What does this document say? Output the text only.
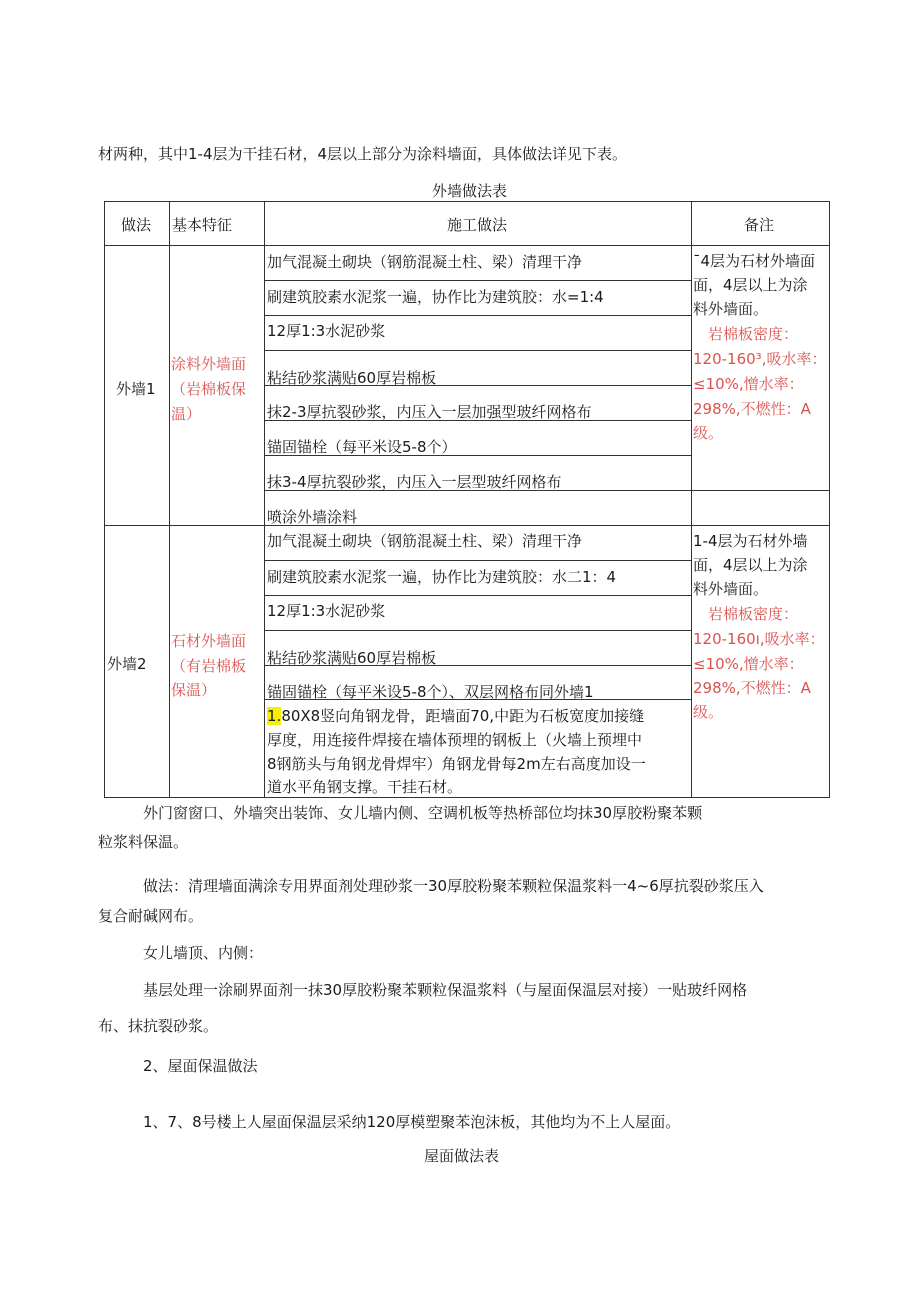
材两种，其中1-4层为干挂石材，4层以上部分为涂料墙面，具体做法详见下表。
外墙做法表
做法 基本特征	施工做法	备注
外墙1
涂料外墙面
（岩棉板保
温）
加气混凝土砌块（钢筋混凝土柱、梁）清理干净
刷建筑胶素水泥浆一遍，协作比为建筑胶：水=1:4
12厚1:3水泥砂浆
粘结砂浆满贴60厚岩棉板
抹2-3厚抗裂砂浆，内压入一层加强型玻纤网格布
锚固锚栓（每平米设5-8个）
抹3-4厚抗裂砂浆，内压入一层型玻纤网格布
喷涂外墙涂料
ˉ4层为石材外墙面
面，4层以上为涂
料外墙面。
岩棉板密度：
120-160³,吸水率：
≤10%,憎水率：
298%,不燃性：A
级。
外墙2
石材外墙面
（有岩棉板
保温）
加气混凝土砌块（钢筋混凝土柱、梁）清理干净
刷建筑胶素水泥浆一遍，协作比为建筑胶：水二1：4
12厚1:3水泥砂浆
粘结砂浆满贴60厚岩棉板
锚固锚栓（每平米设5-8个）、双层网格布同外墙1
1.80X8竖向角钢龙骨，距墙面70,中距为石板宽度加接缝
厚度，用连接件焊接在墙体预埋的钢板上（火墙上预埋中
8钢筋头与角钢龙骨焊牢）角钢龙骨每2m左右高度加设一
道水平角钢支撑。干挂石材。
1-4层为石材外墙
面，4层以上为涂
料外墙面。
岩棉板密度：
120-160ı,吸水率：
≤10%,憎水率：
298%,不燃性：A
级。
外门窗窗口、外墙突出装饰、女儿墙内侧、空调机板等热桥部位均抹30厚胶粉聚苯颗
粒浆料保温。
做法：清理墙面满涂专用界面剂处理砂浆一30厚胶粉聚苯颗粒保温浆料一4~6厚抗裂砂浆压入
复合耐碱网布。
女儿墙顶、内侧：
基层处理一涂刷界面剂一抹30厚胶粉聚苯颗粒保温浆料（与屋面保温层对接）一贴玻纤网格
布、抹抗裂砂浆。
2、屋面保温做法
1、7、8号楼上人屋面保温层采纳120厚模塑聚苯泡沫板，其他均为不上人屋面。
屋面做法表
